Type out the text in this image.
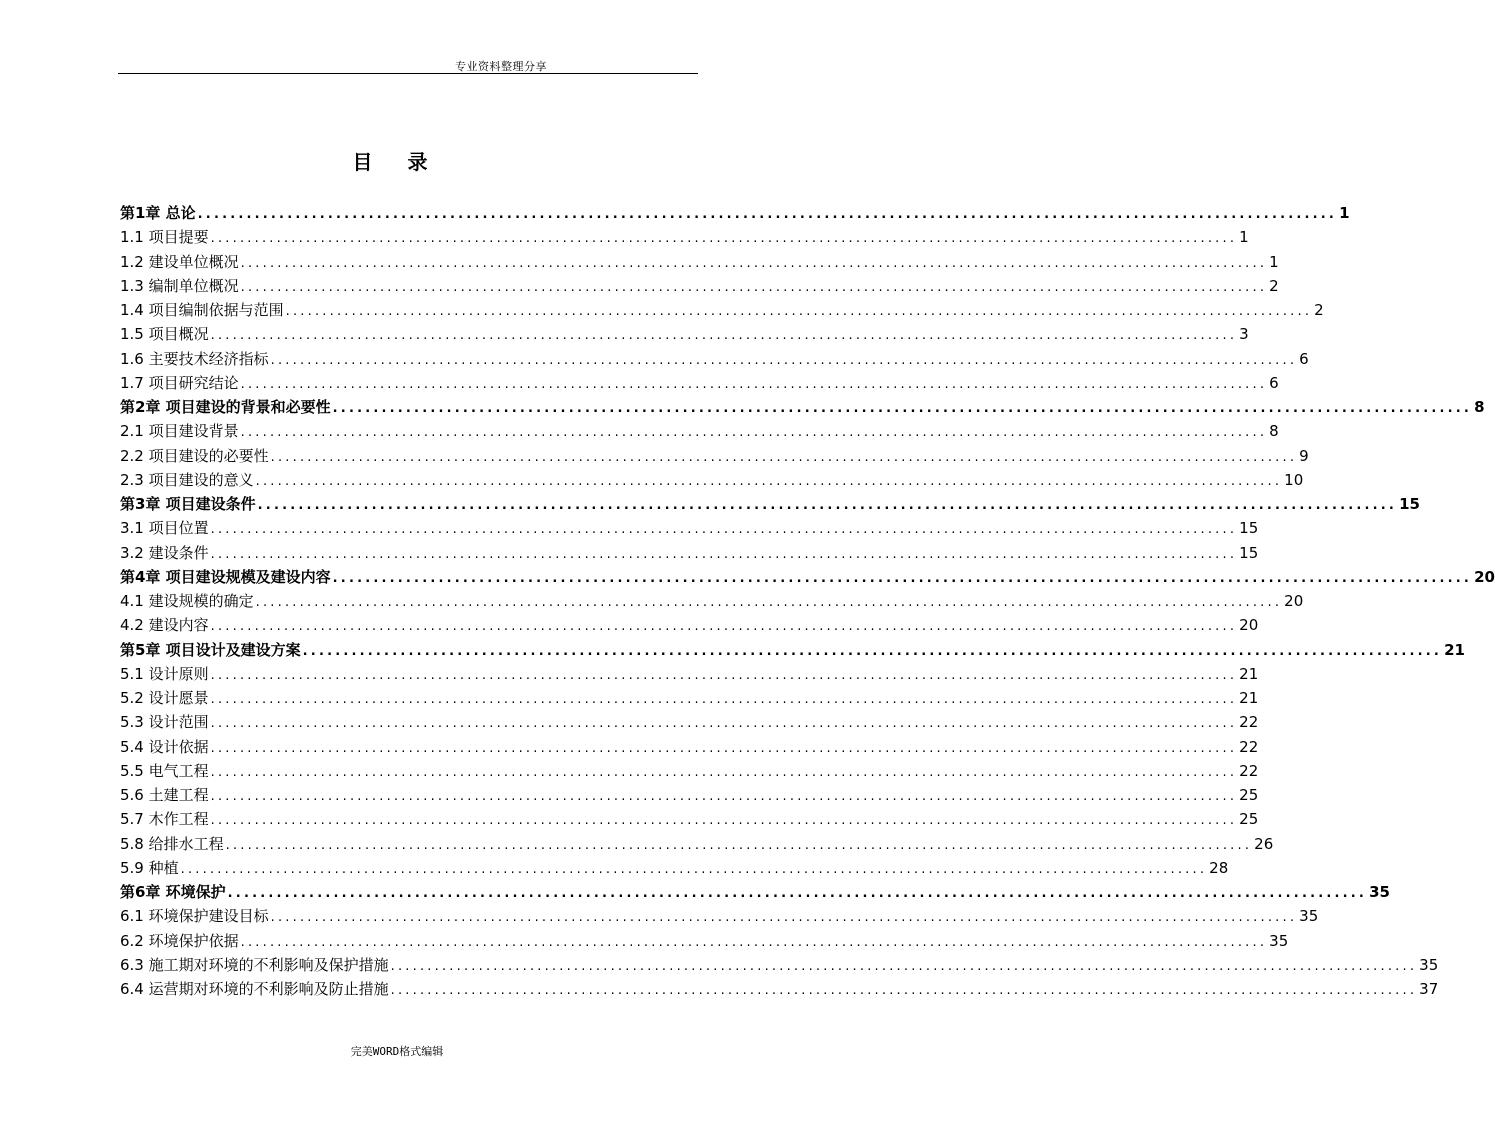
专业资料整理分享
目 录
第1章 总论 ............................................................................................................................................ 1
1.1 项目提要 ............................................................................................................................................ 1
1.2 建设单位概况 ............................................................................................................................................ 1
1.3 编制单位概况 ............................................................................................................................................ 2
1.4 项目编制依据与范围 ............................................................................................................................................ 2
1.5 项目概况 ............................................................................................................................................ 3
1.6 主要技术经济指标 ............................................................................................................................................ 6
1.7 项目研究结论 ............................................................................................................................................ 6
第2章 项目建设的背景和必要性 ............................................................................................................................................ 8
2.1 项目建设背景 ............................................................................................................................................ 8
2.2 项目建设的必要性 ............................................................................................................................................ 9
2.3 项目建设的意义 ............................................................................................................................................ 10
第3章 项目建设条件 ............................................................................................................................................ 15
3.1 项目位置 ............................................................................................................................................ 15
3.2 建设条件 ............................................................................................................................................ 15
第4章 项目建设规模及建设内容 ............................................................................................................................................ 20
4.1 建设规模的确定 ............................................................................................................................................ 20
4.2 建设内容 ............................................................................................................................................ 20
第5章 项目设计及建设方案 ............................................................................................................................................ 21
5.1 设计原则 ............................................................................................................................................ 21
5.2 设计愿景 ............................................................................................................................................ 21
5.3 设计范围 ............................................................................................................................................ 22
5.4 设计依据 ............................................................................................................................................ 22
5.5 电气工程 ............................................................................................................................................ 22
5.6 土建工程 ............................................................................................................................................ 25
5.7 木作工程 ............................................................................................................................................ 25
5.8 给排水工程 ............................................................................................................................................ 26
5.9 种植 ............................................................................................................................................ 28
第6章 环境保护 ............................................................................................................................................ 35
6.1 环境保护建设目标 ............................................................................................................................................ 35
6.2 环境保护依据 ............................................................................................................................................ 35
6.3 施工期对环境的不利影响及保护措施 ............................................................................................................................................ 35
6.4 运营期对环境的不利影响及防止措施 ............................................................................................................................................ 37
完美WORD格式编辑
